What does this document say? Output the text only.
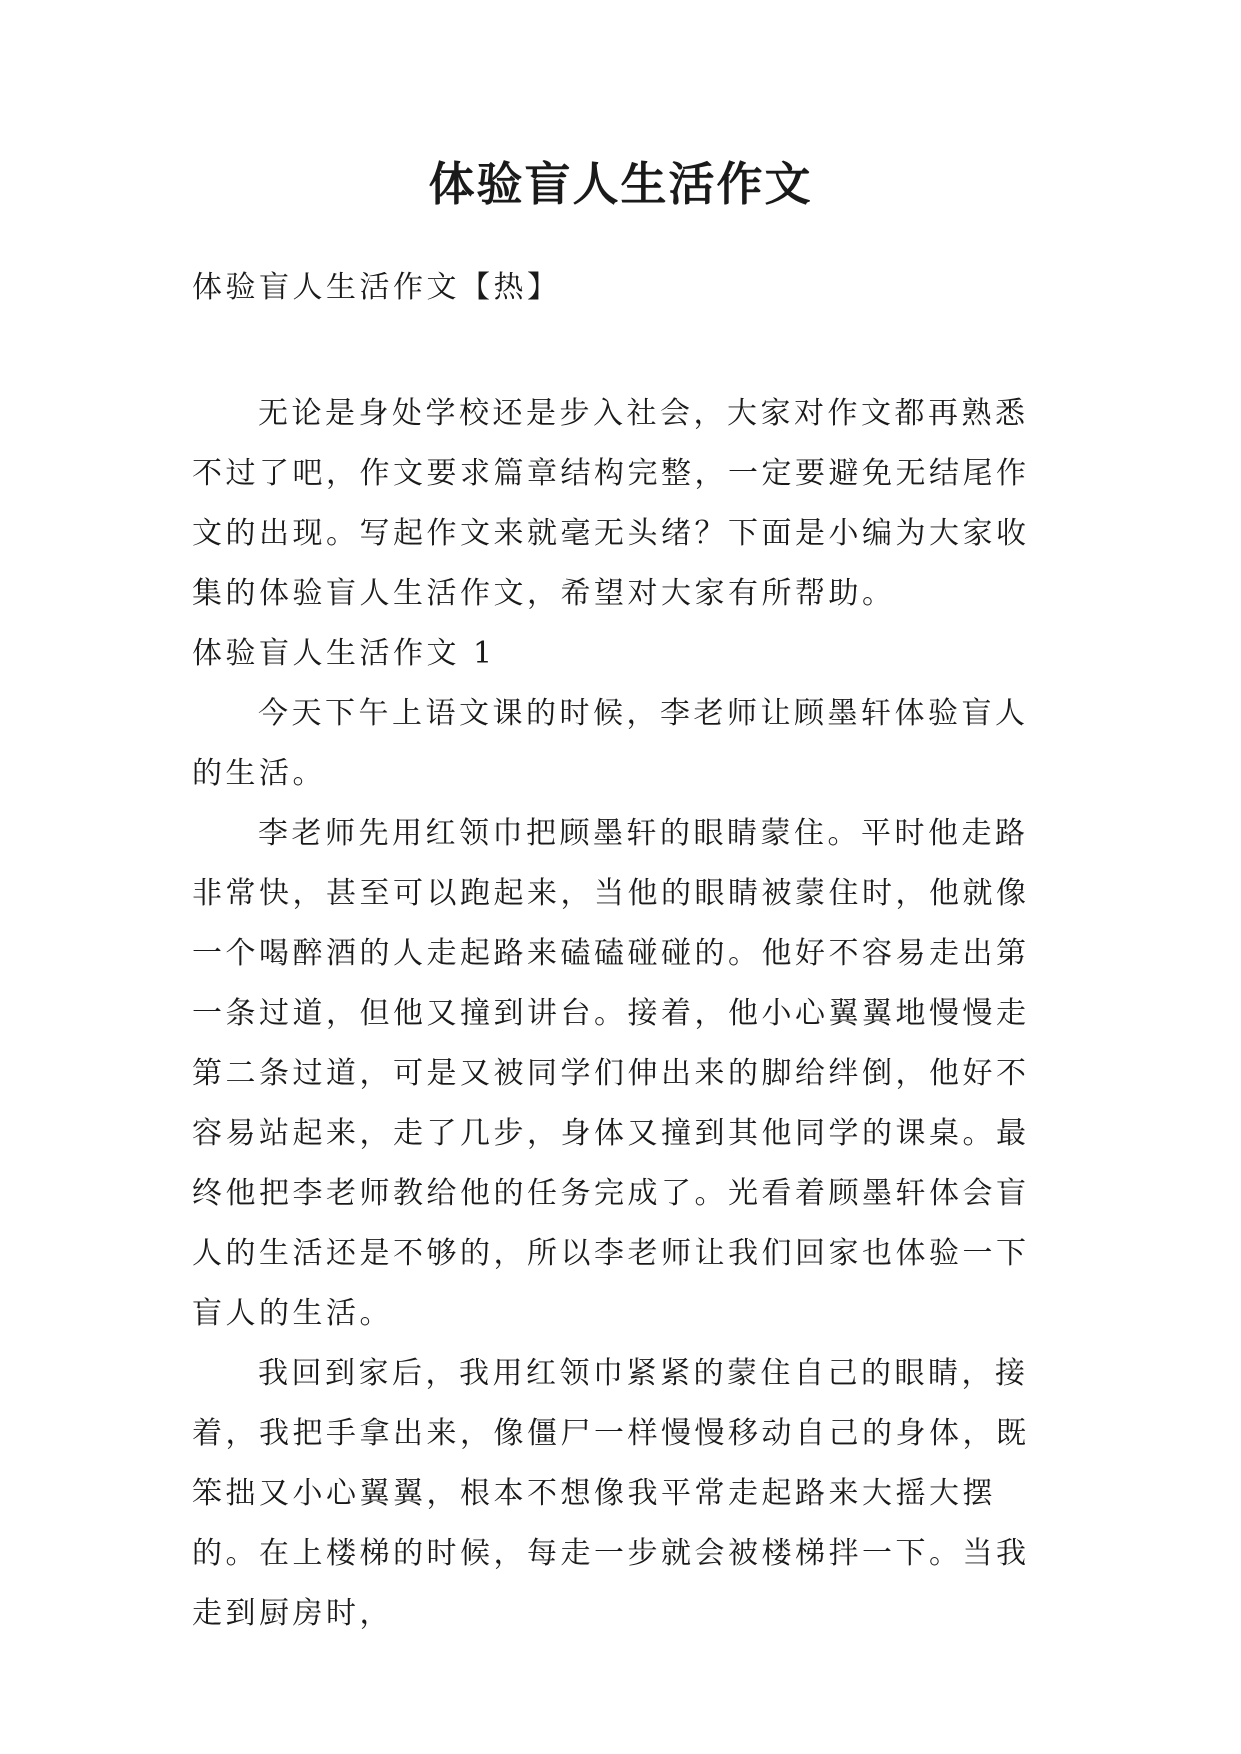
体验盲人生活作文

体验盲人生活作文【热】

无论是身处学校还是步入社会，大家对作文都再熟悉不过了吧，作文要求篇章结构完整，一定要避免无结尾作文的出现。写起作文来就毫无头绪？下面是小编为大家收集的体验盲人生活作文，希望对大家有所帮助。

体验盲人生活作文 1

今天下午上语文课的时候，李老师让顾墨轩体验盲人的生活。

李老师先用红领巾把顾墨轩的眼睛蒙住。平时他走路非常快，甚至可以跑起来，当他的眼睛被蒙住时，他就像一个喝醉酒的人走起路来磕磕碰碰的。他好不容易走出第一条过道，但他又撞到讲台。接着，他小心翼翼地慢慢走第二条过道，可是又被同学们伸出来的脚给绊倒，他好不容易站起来，走了几步，身体又撞到其他同学的课桌。最终他把李老师教给他的任务完成了。光看着顾墨轩体会盲人的生活还是不够的，所以李老师让我们回家也体验一下盲人的生活。

我回到家后，我用红领巾紧紧的蒙住自己的眼睛，接着，我把手拿出来，像僵尸一样慢慢移动自己的身体，既笨拙又小心翼翼，根本不想像我平常走起路来大摇大摆的。在上楼梯的时候，每走一步就会被楼梯拌一下。当我走到厨房时，
